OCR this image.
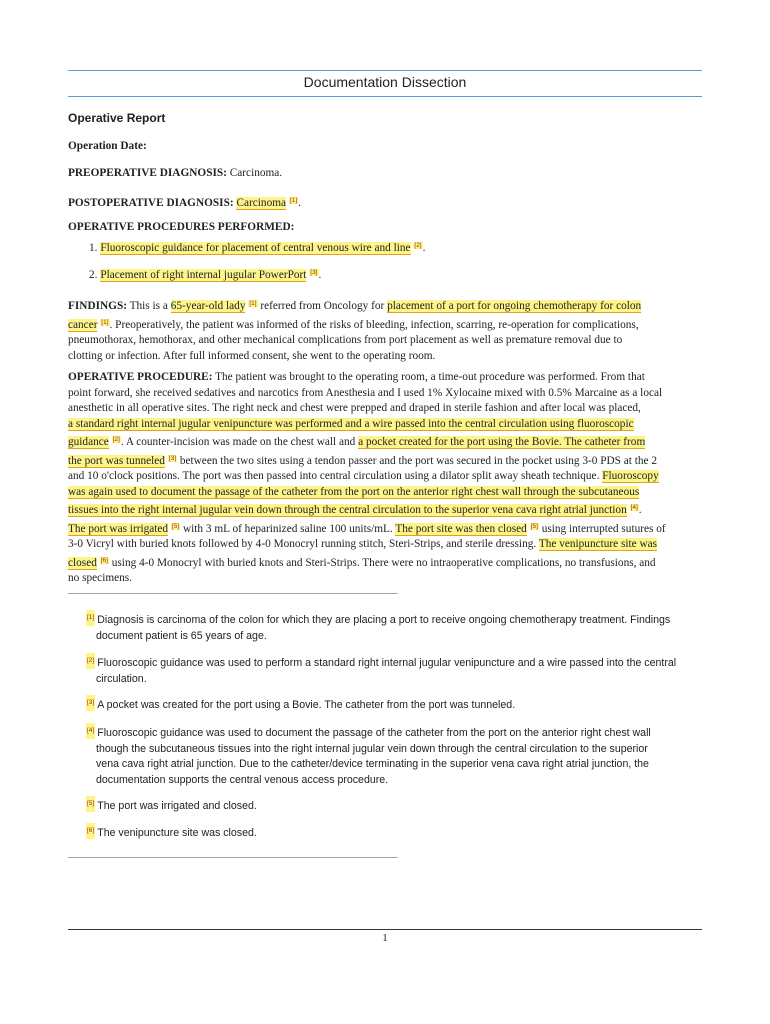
Documentation Dissection
Operative Report
Operation Date:
PREOPERATIVE DIAGNOSIS: Carcinoma.
POSTOPERATIVE DIAGNOSIS: Carcinoma [1].
OPERATIVE PROCEDURES PERFORMED:
1. Fluoroscopic guidance for placement of central venous wire and line [2].
2. Placement of right internal jugular PowerPort [3].
FINDINGS: This is a 65-year-old lady [1] referred from Oncology for placement of a port for ongoing chemotherapy for colon
cancer [1]. Preoperatively, the patient was informed of the risks of bleeding, infection, scarring, re-operation for complications,
pneumothorax, hemothorax, and other mechanical complications from port placement as well as premature removal due to
clotting or infection. After full informed consent, she went to the operating room.
OPERATIVE PROCEDURE: The patient was brought to the operating room, a time-out procedure was performed. From that
point forward, she received sedatives and narcotics from Anesthesia and I used 1% Xylocaine mixed with 0.5% Marcaine as a local
anesthetic in all operative sites. The right neck and chest were prepped and draped in sterile fashion and after local was placed,
a standard right internal jugular venipuncture was performed and a wire passed into the central circulation using fluoroscopic
guidance [2]. A counter-incision was made on the chest wall and a pocket created for the port using the Bovie. The catheter from
the port was tunneled [3] between the two sites using a tendon passer and the port was secured in the pocket using 3-0 PDS at the 2
and 10 o'clock positions. The port was then passed into central circulation using a dilator split away sheath technique. Fluoroscopy
was again used to document the passage of the catheter from the port on the anterior right chest wall through the subcutaneous
tissues into the right internal jugular vein down through the central circulation to the superior vena cava right atrial junction [4].
The port was irrigated [5] with 3 mL of heparinized saline 100 units/mL. The port site was then closed [5] using interrupted sutures of
3-0 Vicryl with buried knots followed by 4-0 Monocryl running stitch, Steri-Strips, and sterile dressing. The venipuncture site was
closed [6] using 4-0 Monocryl with buried knots and Steri-Strips. There were no intraoperative complications, no transfusions, and
no specimens.
___________________________________________________________________
[1] Diagnosis is carcinoma of the colon for which they are placing a port to receive ongoing chemotherapy treatment. Findings
document patient is 65 years of age.
[2] Fluoroscopic guidance was used to perform a standard right internal jugular venipuncture and a wire passed into the central
circulation.
[3] A pocket was created for the port using a Bovie. The catheter from the port was tunneled.
[4] Fluoroscopic guidance was used to document the passage of the catheter from the port on the anterior right chest wall
though the subcutaneous tissues into the right internal jugular vein down through the central circulation to the superior
vena cava right atrial junction. Due to the catheter/device terminating in the superior vena cava right atrial junction, the
documentation supports the central venous access procedure.
[5] The port was irrigated and closed.
[6] The venipuncture site was closed.
___________________________________________________________________
1
